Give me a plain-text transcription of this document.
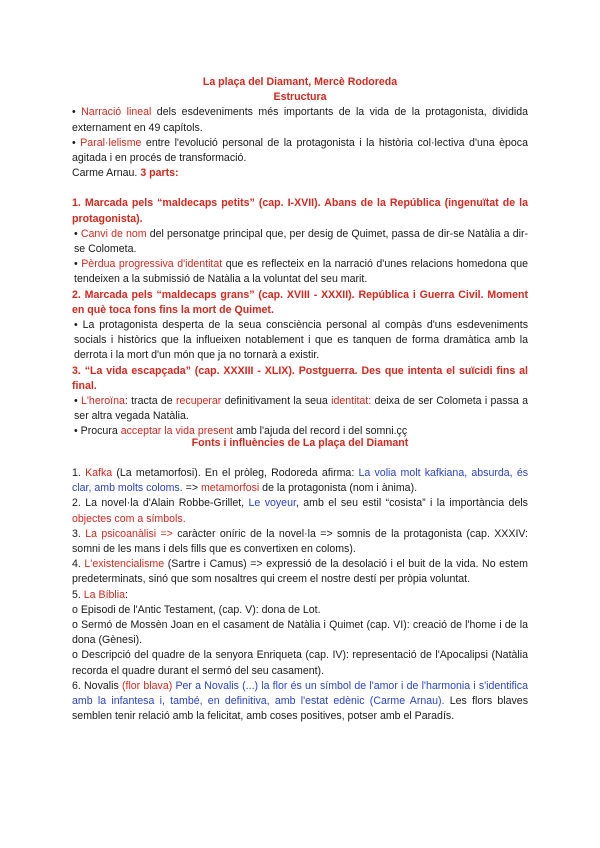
La plaça del Diamant, Mercè Rodoreda
Estructura

• Narració lineal dels esdeveniments més importants de la vida de la protagonista, dividida externament en 49 capítols.

• Paral·lelisme entre l'evolució personal de la protagonista i la història col·lectiva d'una època agitada i en procés de transformació.

Carme Arnau. 3 parts:

1. Marcada pels “maldecaps petits” (cap. I-XVII). Abans de la República (ingenuïtat de la protagonista).

• Canvi de nom del personatge principal que, per desig de Quimet, passa de dir-se Natàlia a dir-se Colometa.

• Pèrdua progressiva d'identitat que es reflecteix en la narració d'unes relacions homedona que tendeixen a la submissió de Natàlia a la voluntat del seu marit.

2. Marcada pels “maldecaps grans” (cap. XVIII - XXXII). República i Guerra Civil. Moment en què toca fons fins la mort de Quimet.

• La protagonista desperta de la seua consciència personal al compàs d'uns esdeveniments socials i històrics que la influeixen notablement i que es tanquen de forma dramàtica amb la derrota i la mort d'un món que ja no tornarà a existir.

3. “La vida escapçada” (cap. XXXIII - XLIX). Postguerra. Des que intenta el suïcidi fins al final.

• L'heroïna: tracta de recuperar definitivament la seua identitat: deixa de ser Colometa i passa a ser altra vegada Natàlia.

• Procura acceptar la vida present amb l'ajuda del record i del somni.çç

Fonts i influències de La plaça del Diamant

1. Kafka (La metamorfosi). En el pròleg, Rodoreda afirma: La volia molt kafkiana, absurda, és clar, amb molts coloms. => metamorfosi de la protagonista (nom i ànima).

2. La novel·la d'Alain Robbe-Grillet, Le voyeur, amb el seu estil “cosista” i la importància dels objectes com a símbols.

3. La psicoanàlisi => caràcter oníric de la novel·la => somnis de la protagonista (cap. XXXIV: somni de les mans i dels fills que es convertixen en coloms).

4. L'existencialisme (Sartre i Camus) => expressió de la desolació i el buit de la vida. No estem predeterminats, sinó que som nosaltres qui creem el nostre destí per pròpia voluntat.

5. La Bíblia:

o Episodi de l'Antic Testament, (cap. V): dona de Lot.

o Sermó de Mossèn Joan en el casament de Natàlia i Quimet (cap. VI): creació de l'home i de la dona (Gènesi).

o Descripció del quadre de la senyora Enriqueta (cap. IV): representació de l'Apocalipsi (Natàlia recorda el quadre durant el sermó del seu casament).

6. Novalis (flor blava) Per a Novalis (...) la flor és un símbol de l'amor i de l'harmonia i s'identifica amb la infantesa i, també, en definitiva, amb l'estat edènic (Carme Arnau). Les flors blaves semblen tenir relació amb la felicitat, amb coses positives, potser amb el Paradís.
